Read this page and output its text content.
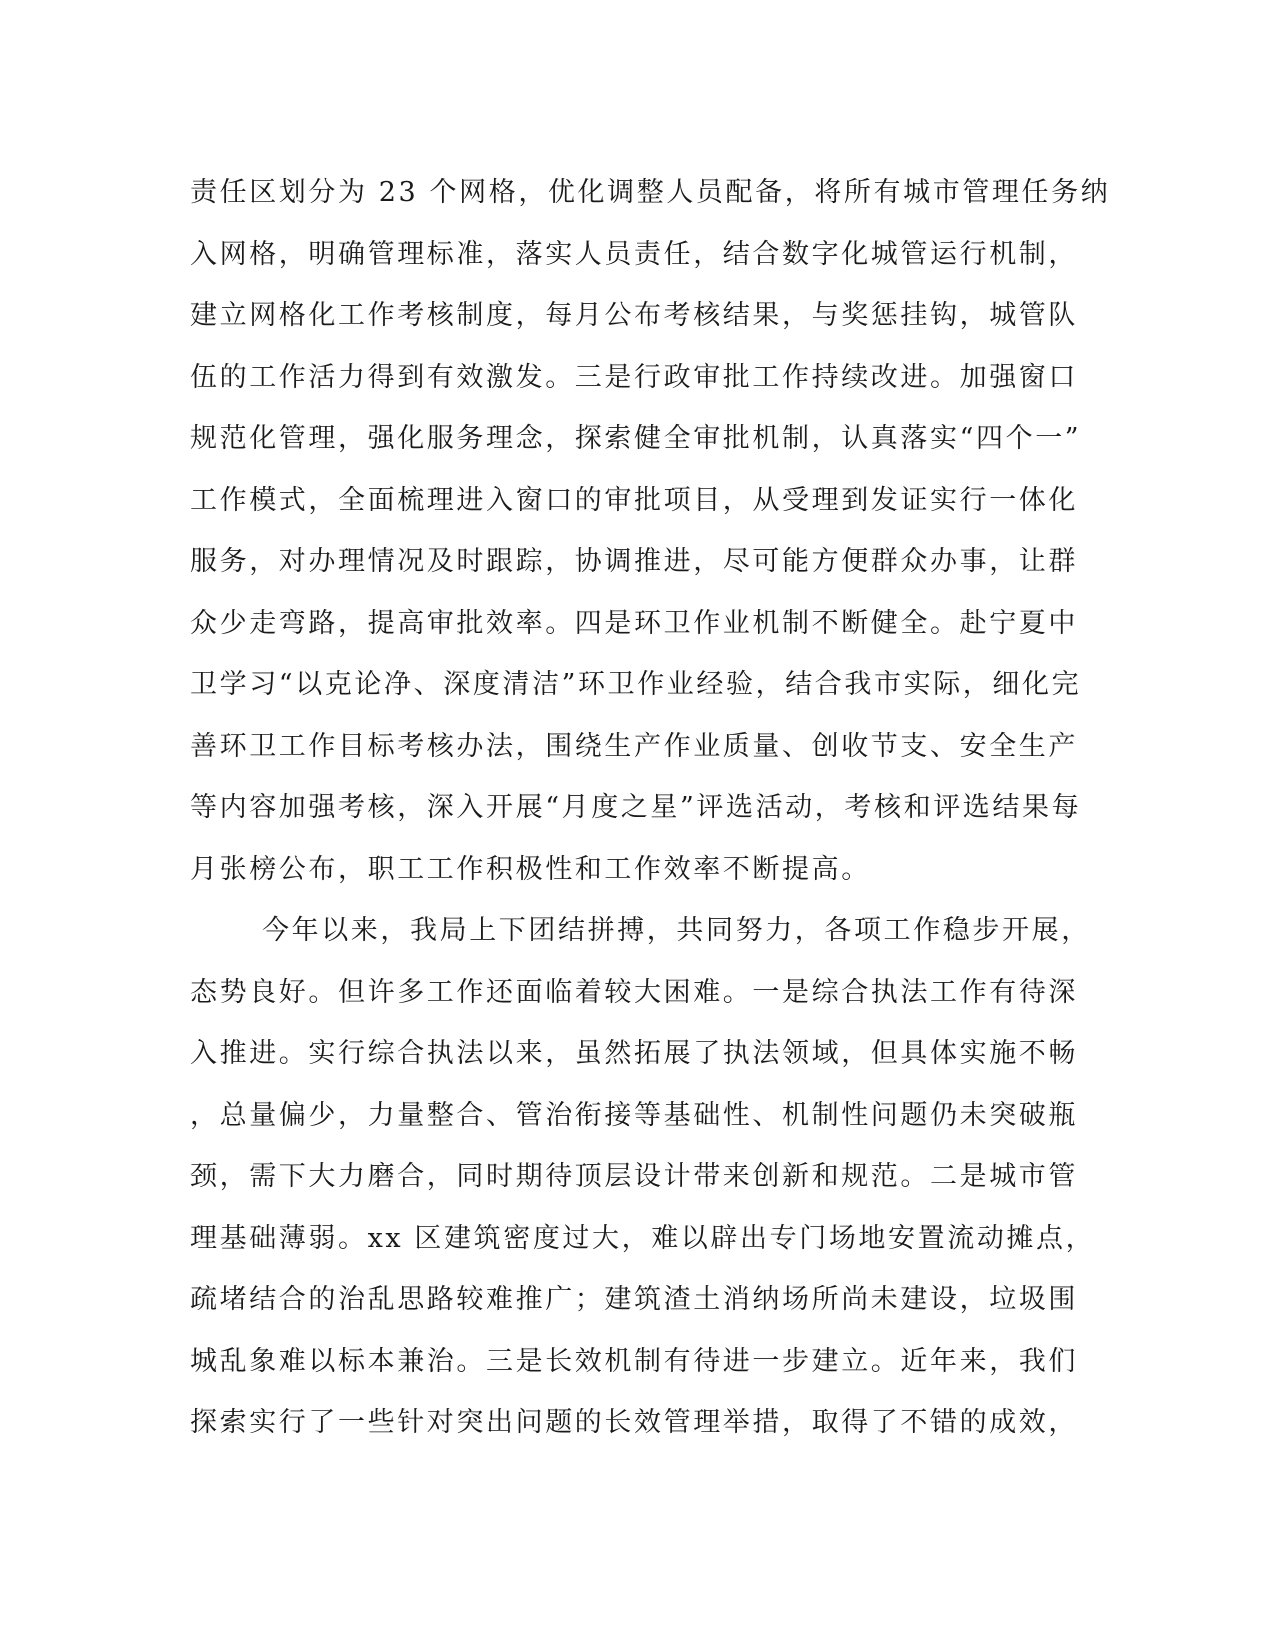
责任区划分为 23 个网格，优化调整人员配备，将所有城市管理任务纳
入网格，明确管理标准，落实人员责任，结合数字化城管运行机制，
建立网格化工作考核制度，每月公布考核结果，与奖惩挂钩，城管队
伍的工作活力得到有效激发。三是行政审批工作持续改进。加强窗口
规范化管理，强化服务理念，探索健全审批机制，认真落实“四个一”
工作模式，全面梳理进入窗口的审批项目，从受理到发证实行一体化
服务，对办理情况及时跟踪，协调推进，尽可能方便群众办事，让群
众少走弯路，提高审批效率。四是环卫作业机制不断健全。赴宁夏中
卫学习“以克论净、深度清洁”环卫作业经验，结合我市实际，细化完
善环卫工作目标考核办法，围绕生产作业质量、创收节支、安全生产
等内容加强考核，深入开展“月度之星”评选活动，考核和评选结果每
月张榜公布，职工工作积极性和工作效率不断提高。
今年以来，我局上下团结拼搏，共同努力，各项工作稳步开展，
态势良好。但许多工作还面临着较大困难。一是综合执法工作有待深
入推进。实行综合执法以来，虽然拓展了执法领域，但具体实施不畅
，总量偏少，力量整合、管治衔接等基础性、机制性问题仍未突破瓶
颈，需下大力磨合，同时期待顶层设计带来创新和规范。二是城市管
理基础薄弱。xx 区建筑密度过大，难以辟出专门场地安置流动摊点，
疏堵结合的治乱思路较难推广；建筑渣土消纳场所尚未建设，垃圾围
城乱象难以标本兼治。三是长效机制有待进一步建立。近年来，我们
探索实行了一些针对突出问题的长效管理举措，取得了不错的成效，
